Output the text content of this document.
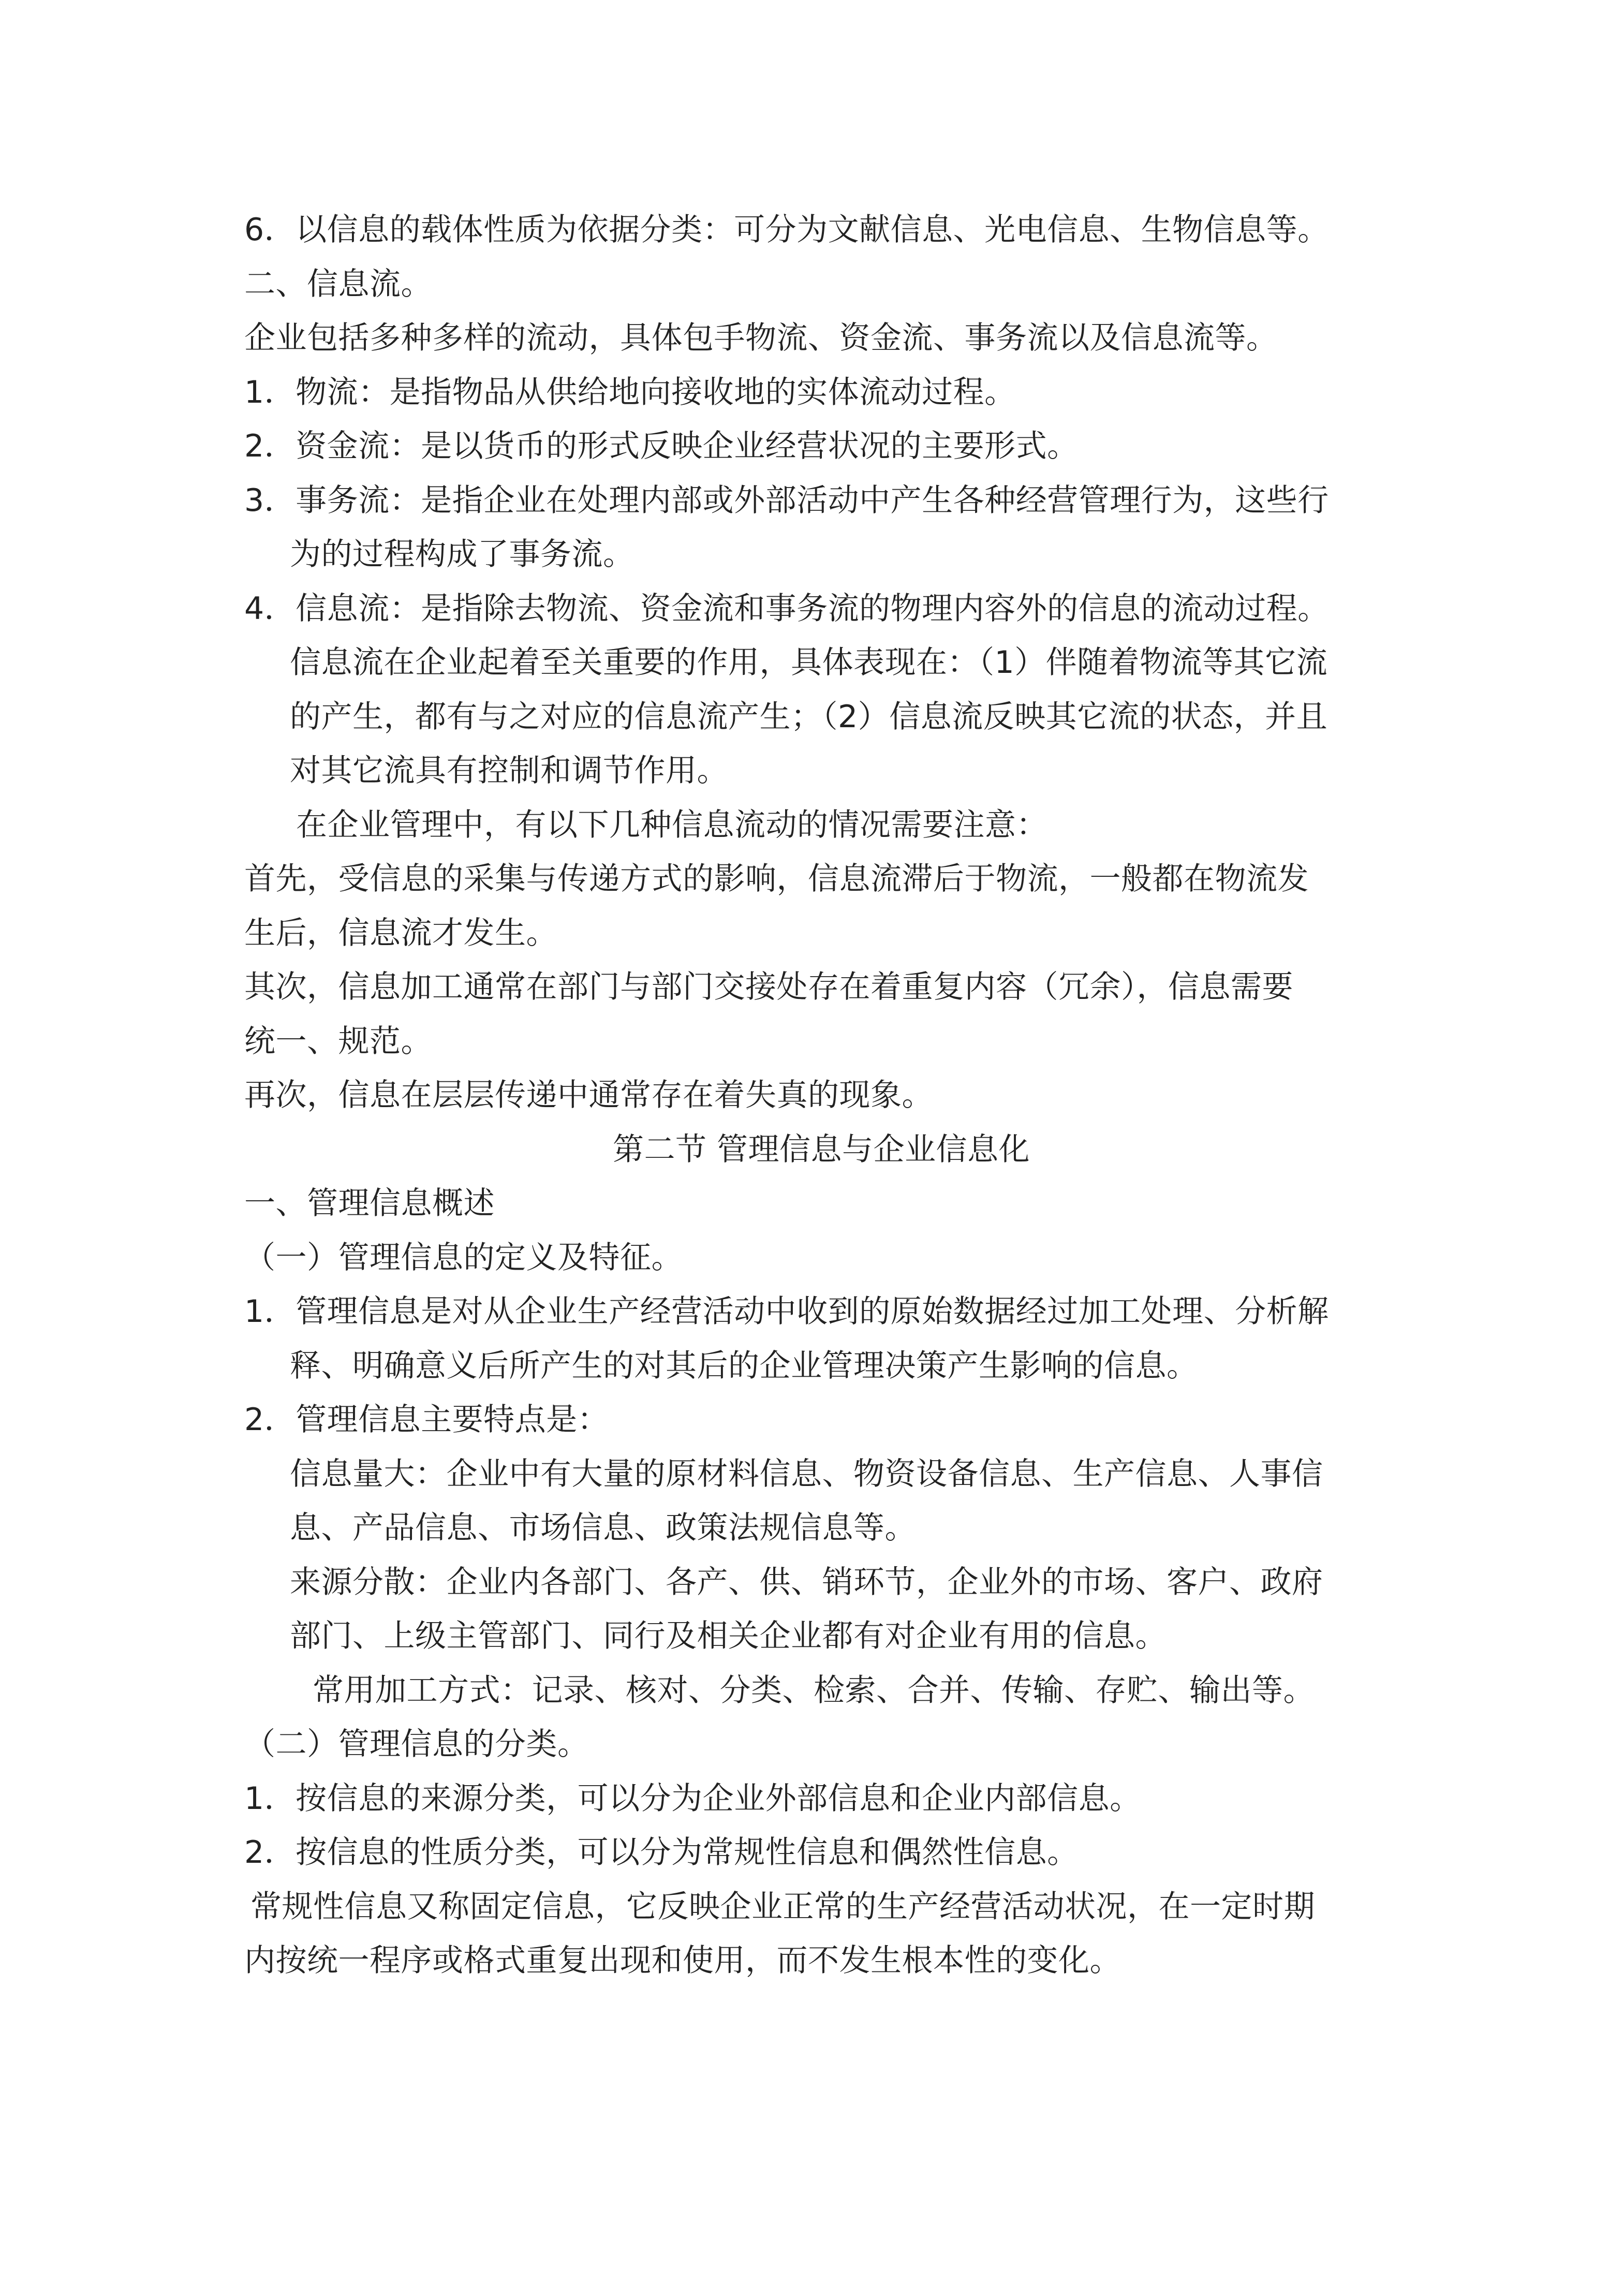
6．以信息的载体性质为依据分类：可分为文献信息、光电信息、生物信息等。
二、信息流。
企业包括多种多样的流动，具体包手物流、资金流、事务流以及信息流等。
1．物流：是指物品从供给地向接收地的实体流动过程。
2．资金流：是以货币的形式反映企业经营状况的主要形式。
3．事务流：是指企业在处理内部或外部活动中产生各种经营管理行为，这些行
为的过程构成了事务流。
4．信息流：是指除去物流、资金流和事务流的物理内容外的信息的流动过程。
信息流在企业起着至关重要的作用，具体表现在：（1）伴随着物流等其它流
的产生，都有与之对应的信息流产生；（2）信息流反映其它流的状态，并且
对其它流具有控制和调节作用。
在企业管理中，有以下几种信息流动的情况需要注意：
首先，受信息的采集与传递方式的影响，信息流滞后于物流，一般都在物流发
生后，信息流才发生。
其次，信息加工通常在部门与部门交接处存在着重复内容（冗余），信息需要
统一、规范。
再次，信息在层层传递中通常存在着失真的现象。
第二节 管理信息与企业信息化
一、管理信息概述
（一）管理信息的定义及特征。
1．管理信息是对从企业生产经营活动中收到的原始数据经过加工处理、分析解
释、明确意义后所产生的对其后的企业管理决策产生影响的信息。
2．管理信息主要特点是：
信息量大：企业中有大量的原材料信息、物资设备信息、生产信息、人事信
息、产品信息、市场信息、政策法规信息等。
来源分散：企业内各部门、各产、供、销环节，企业外的市场、客户、政府
部门、上级主管部门、同行及相关企业都有对企业有用的信息。
常用加工方式：记录、核对、分类、检索、合并、传输、存贮、输出等。
（二）管理信息的分类。
1．按信息的来源分类，可以分为企业外部信息和企业内部信息。
2．按信息的性质分类，可以分为常规性信息和偶然性信息。
常规性信息又称固定信息，它反映企业正常的生产经营活动状况，在一定时期
内按统一程序或格式重复出现和使用，而不发生根本性的变化。
